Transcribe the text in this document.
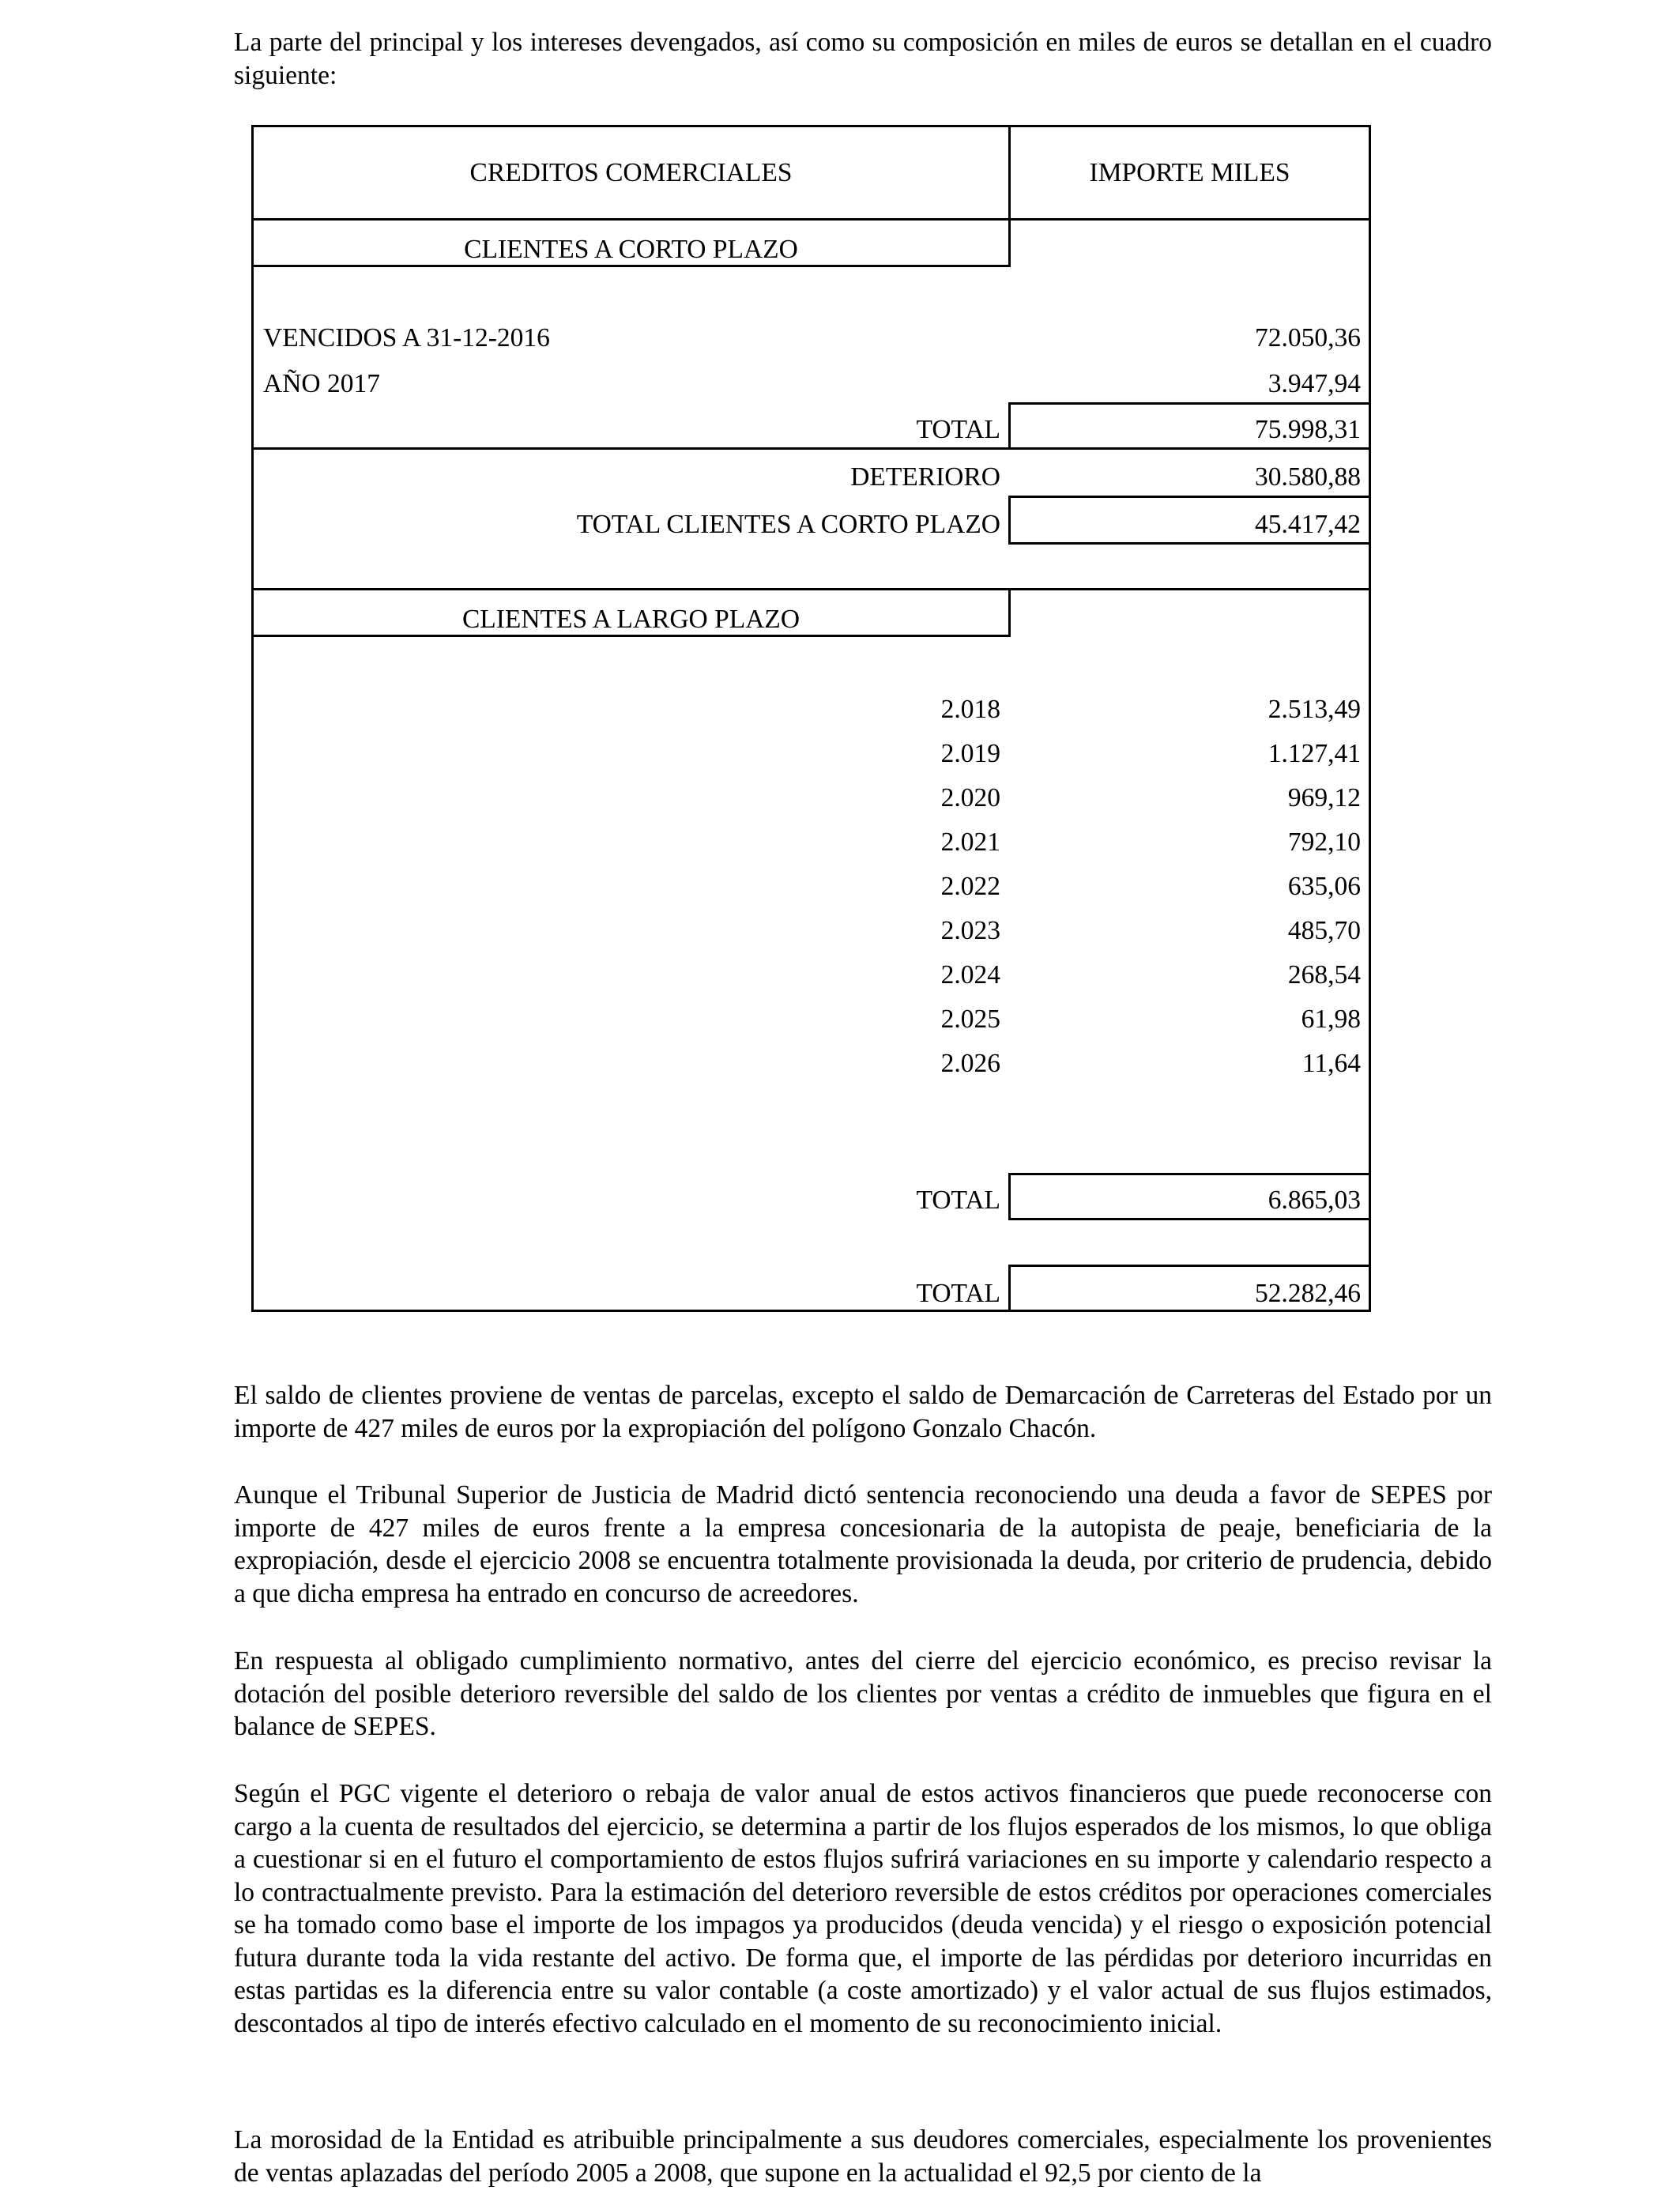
La parte del principal y los intereses devengados, así como su composición en miles de euros se detallan en el cuadro siguiente:

CREDITOS COMERCIALES	IMPORTE MILES
CLIENTES A CORTO PLAZO
VENCIDOS A 31-12-2016	72.050,36
AÑO 2017	3.947,94
TOTAL	75.998,31
DETERIORO	30.580,88
TOTAL CLIENTES A CORTO PLAZO	45.417,42
CLIENTES A LARGO PLAZO
2.018	2.513,49
2.019	1.127,41
2.020	969,12
2.021	792,10
2.022	635,06
2.023	485,70
2.024	268,54
2.025	61,98
2.026	11,64
TOTAL	6.865,03
TOTAL	52.282,46

El saldo de clientes proviene de ventas de parcelas, excepto el saldo de Demarcación de Carreteras del Estado por un importe de 427 miles de euros por la expropiación del polígono Gonzalo Chacón.

Aunque el Tribunal Superior de Justicia de Madrid dictó sentencia reconociendo una deuda a favor de SEPES por importe de 427 miles de euros frente a la empresa concesionaria de la autopista de peaje, beneficiaria de la expropiación, desde el ejercicio 2008 se encuentra totalmente provisionada la deuda, por criterio de prudencia, debido a que dicha empresa ha entrado en concurso de acreedores.

En respuesta al obligado cumplimiento normativo, antes del cierre del ejercicio económico, es preciso revisar la dotación del posible deterioro reversible del saldo de los clientes por ventas a crédito de inmuebles que figura en el balance de SEPES.

Según el PGC vigente el deterioro o rebaja de valor anual de estos activos financieros que puede reconocerse con cargo a la cuenta de resultados del ejercicio, se determina a partir de los flujos esperados de los mismos, lo que obliga a cuestionar si en el futuro el comportamiento de estos flujos sufrirá variaciones en su importe y calendario respecto a lo contractualmente previsto. Para la estimación del deterioro reversible de estos créditos por operaciones comerciales se ha tomado como base el importe de los impagos ya producidos (deuda vencida) y el riesgo o exposición potencial futura durante toda la vida restante del activo. De forma que, el importe de las pérdidas por deterioro incurridas en estas partidas es la diferencia entre su valor contable (a coste amortizado) y el valor actual de sus flujos estimados, descontados al tipo de interés efectivo calculado en el momento de su reconocimiento inicial.

La morosidad de la Entidad es atribuible principalmente a sus deudores comerciales, especialmente los provenientes de ventas aplazadas del período 2005 a 2008, que supone en la actualidad el 92,5 por ciento de la
